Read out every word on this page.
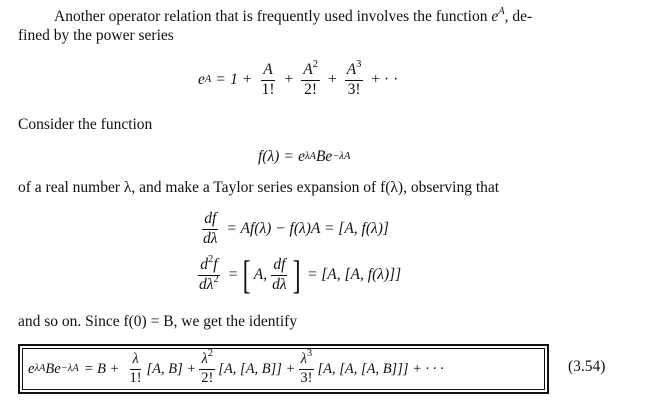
Another operator relation that is frequently used involves the function $e^A$, de-
fined by the power series
e $A = 1 + \frac{A}{1!} + \frac{A^2}{2!} + \frac{A^3}{3!}$ + · ·
Consider the function
f(λ) = e λA B e −λA
of a real number λ, and make a Taylor series expansion of f(λ), observing that
$\frac{df}{d\lambda} = Af(\lambda) - f(\lambda)A = [A$, f(λ)]
$\frac{d^2f}{d\lambda^2}$ = [ A, $\frac{df}{d\lambda}$ ] = [A, [A, f(λ)]]
and so on. Since f(0) = B, we get the identify
e λA B $e -\lambda A = B + \frac{\lambda}{1!} [A$, $B] + \frac{\lambda^2}{2!} [A$, [A, $B]] + \frac{\lambda^3}{3!} [A$, [A, [A, B]]] + · · ·	(3.54)
